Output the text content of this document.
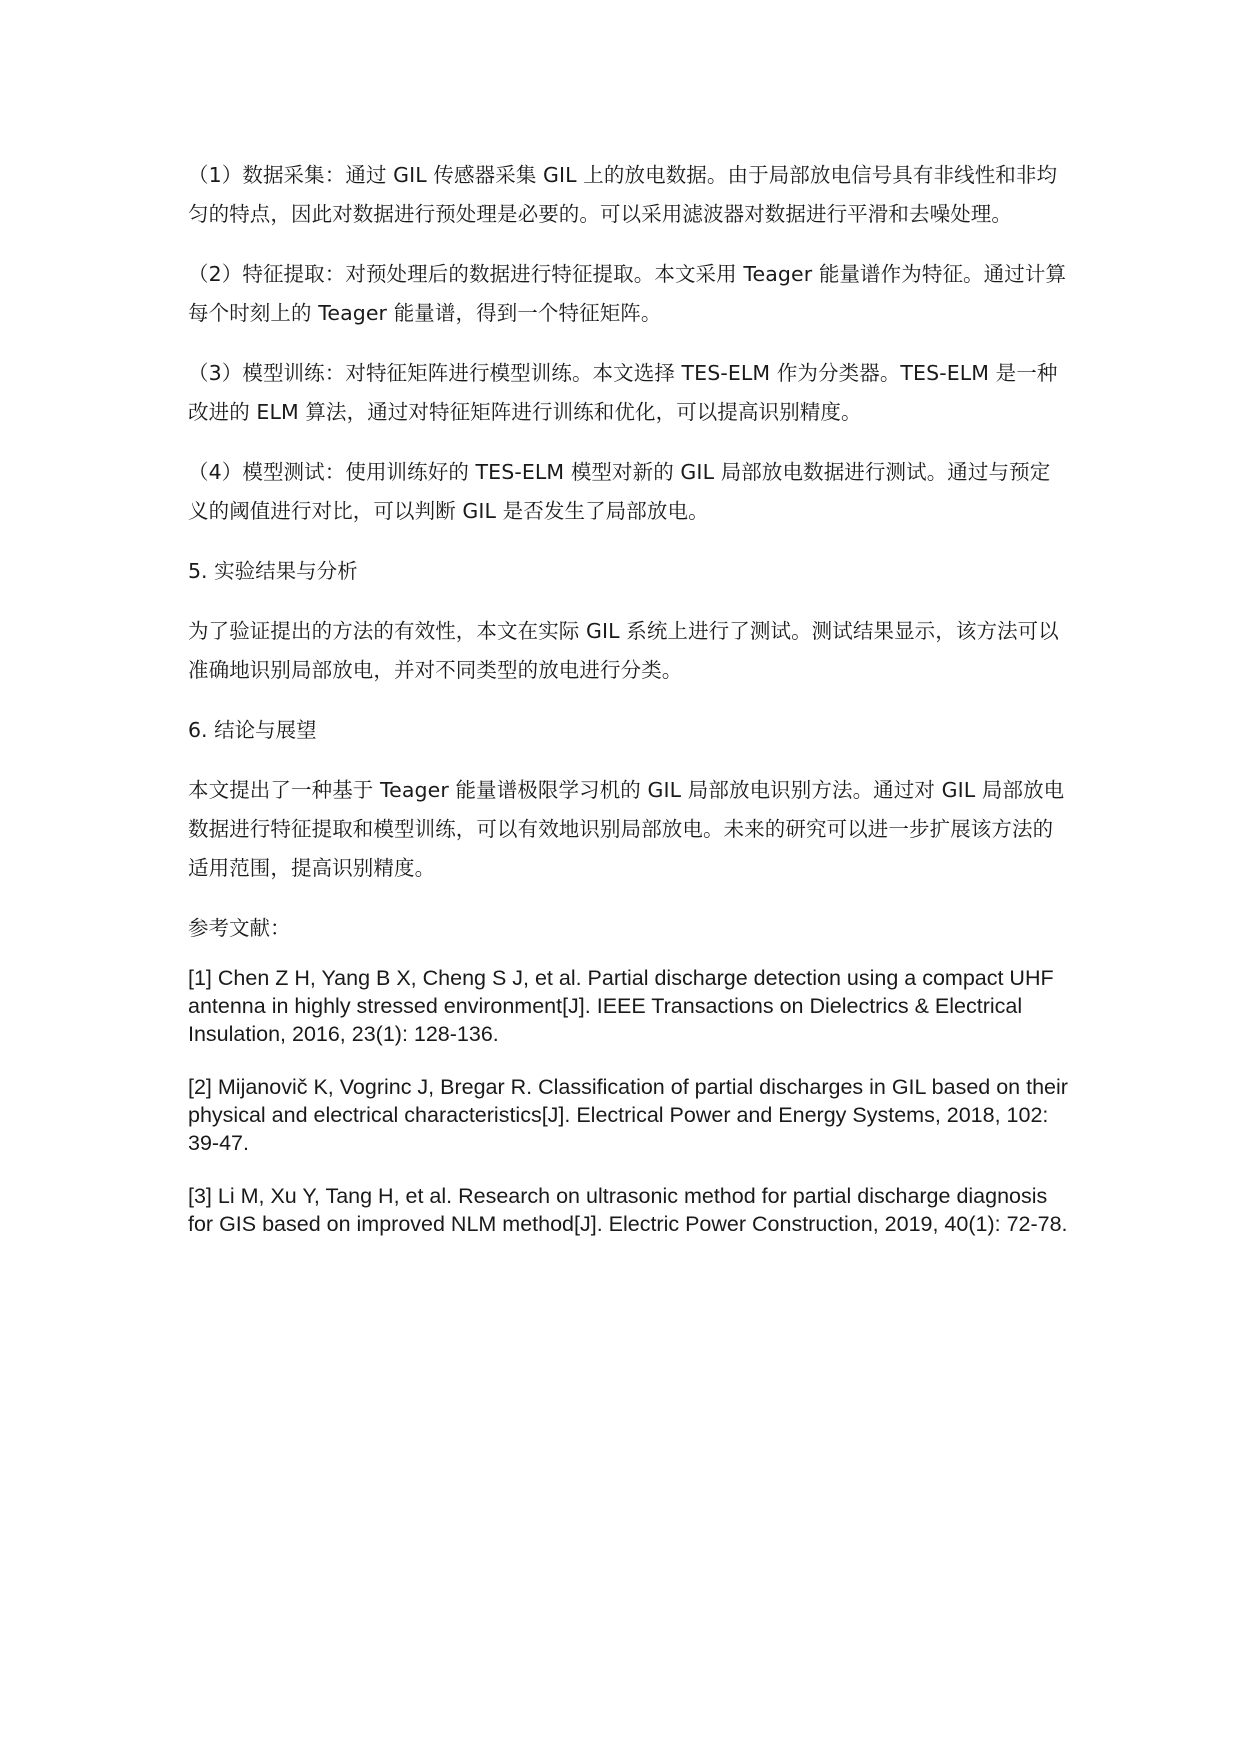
（1）数据采集：通过 GIL 传感器采集 GIL 上的放电数据。由于局部放电信号具有非线性和非均匀的特点，因此对数据进行预处理是必要的。可以采用滤波器对数据进行平滑和去噪处理。

（2）特征提取：对预处理后的数据进行特征提取。本文采用 Teager 能量谱作为特征。通过计算每个时刻上的 Teager 能量谱，得到一个特征矩阵。

（3）模型训练：对特征矩阵进行模型训练。本文选择 TES-ELM 作为分类器。TES-ELM 是一种改进的 ELM 算法，通过对特征矩阵进行训练和优化，可以提高识别精度。

（4）模型测试：使用训练好的 TES-ELM 模型对新的 GIL 局部放电数据进行测试。通过与预定义的阈值进行对比，可以判断 GIL 是否发生了局部放电。

5. 实验结果与分析

为了验证提出的方法的有效性，本文在实际 GIL 系统上进行了测试。测试结果显示，该方法可以准确地识别局部放电，并对不同类型的放电进行分类。

6. 结论与展望

本文提出了一种基于 Teager 能量谱极限学习机的 GIL 局部放电识别方法。通过对 GIL 局部放电数据进行特征提取和模型训练，可以有效地识别局部放电。未来的研究可以进一步扩展该方法的适用范围，提高识别精度。

参考文献：

[1] Chen Z H, Yang B X, Cheng S J, et al. Partial discharge detection using a compact UHF antenna in highly stressed environment[J]. IEEE Transactions on Dielectrics & Electrical Insulation, 2016, 23(1): 128-136.

[2] Mijanovič K, Vogrinc J, Bregar R. Classification of partial discharges in GIL based on their physical and electrical characteristics[J]. Electrical Power and Energy Systems, 2018, 102: 39-47.

[3] Li M, Xu Y, Tang H, et al. Research on ultrasonic method for partial discharge diagnosis for GIS based on improved NLM method[J]. Electric Power Construction, 2019, 40(1): 72-78.
